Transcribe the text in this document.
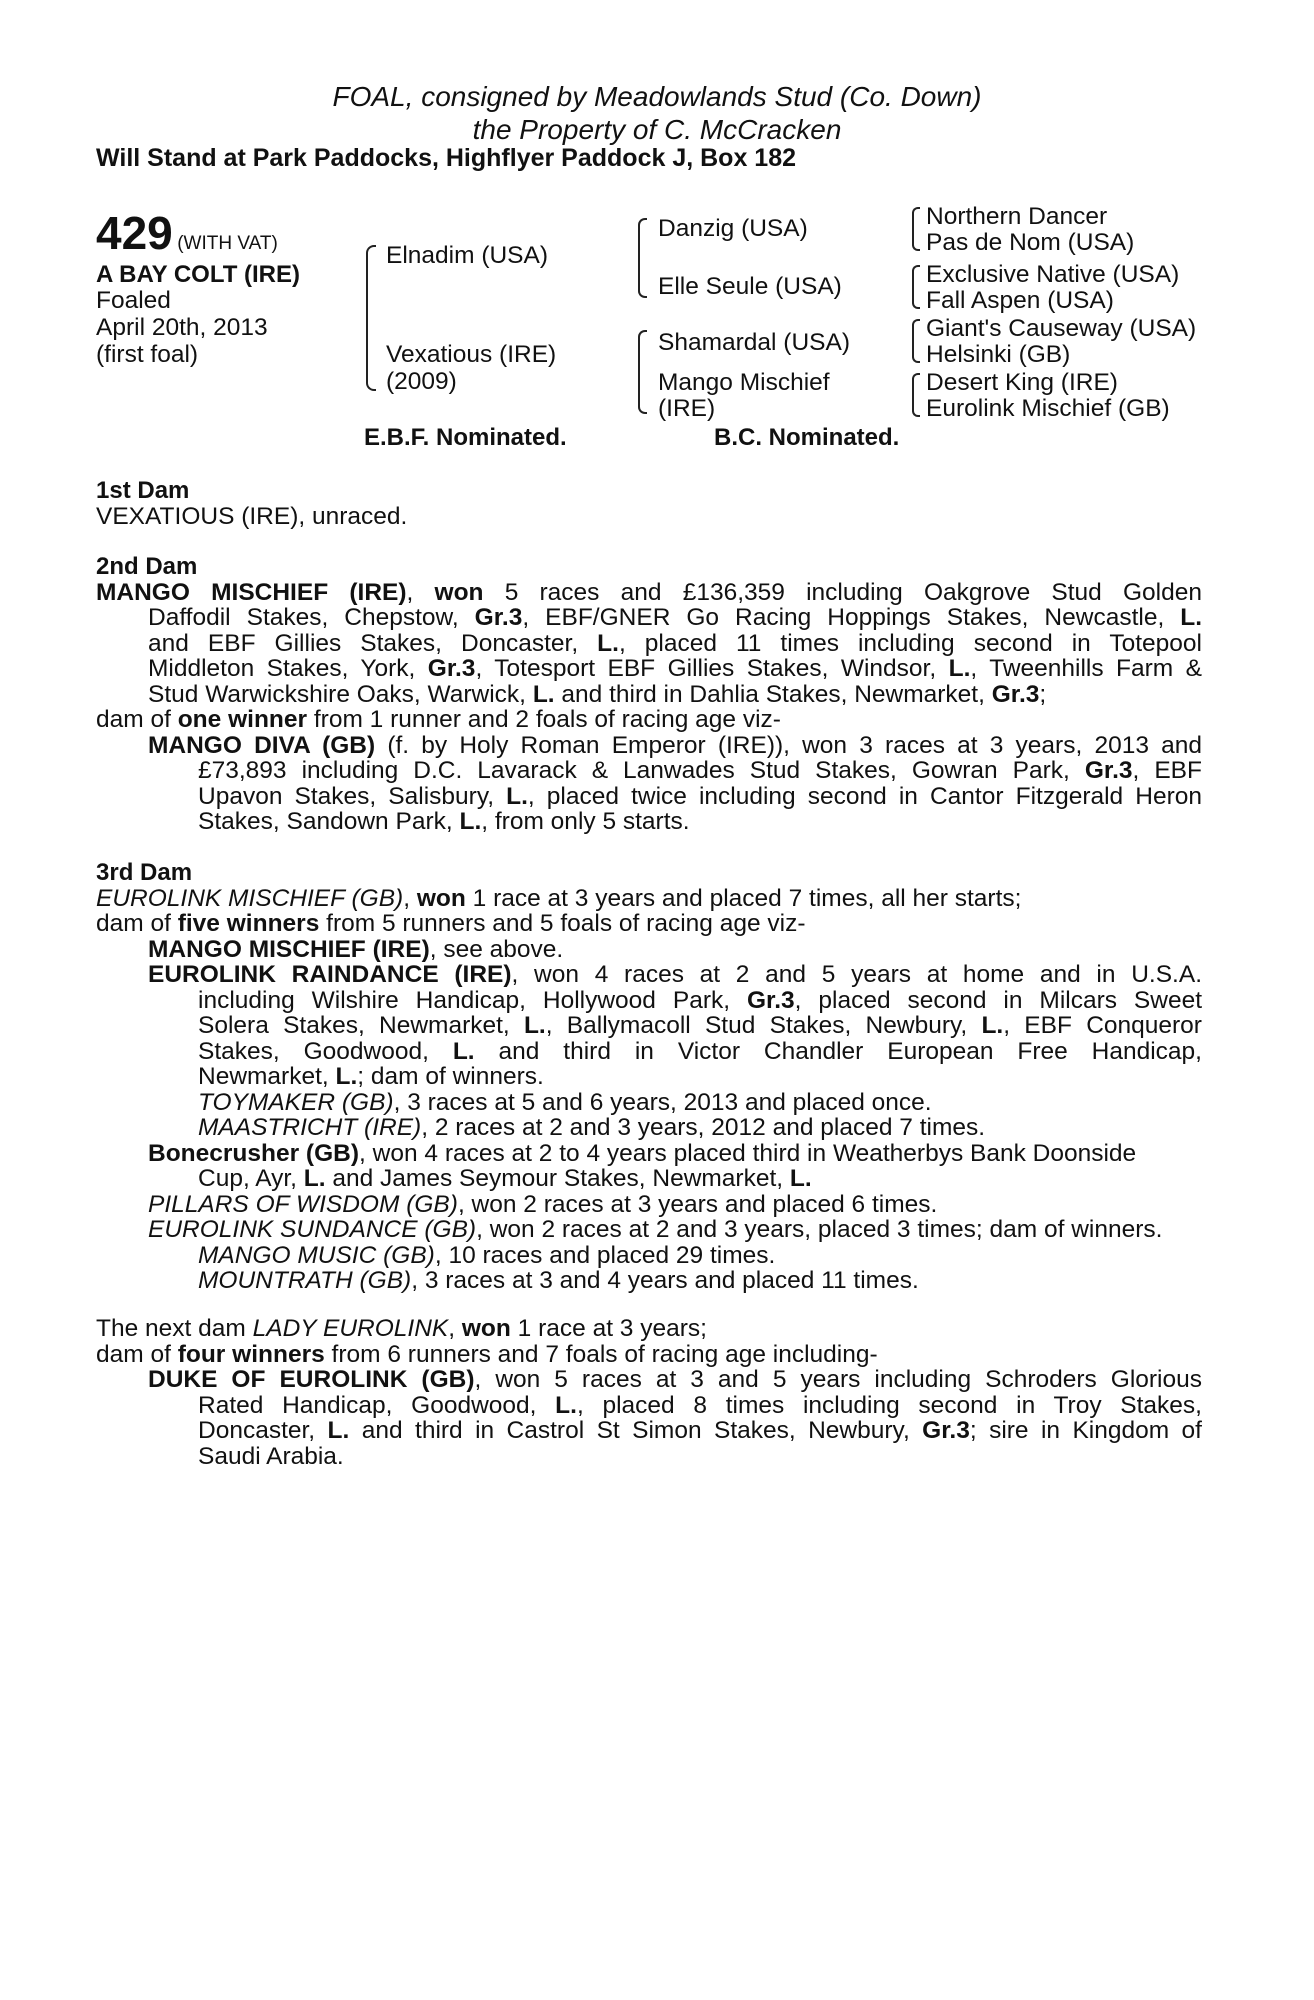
FOAL, consigned by Meadowlands Stud (Co. Down)
the Property of C. McCracken
Will Stand at Park Paddocks, Highflyer Paddock J, Box 182
429 (WITH VAT)
A BAY COLT (IRE)
Foaled
April 20th, 2013
(first foal)
Elnadim (USA)
Vexatious (IRE)
(2009)
Danzig (USA)
Elle Seule (USA)
Shamardal (USA)
Mango Mischief
(IRE)
Northern Dancer
Pas de Nom (USA)
Exclusive Native (USA)
Fall Aspen (USA)
Giant's Causeway (USA)
Helsinki (GB)
Desert King (IRE)
Eurolink Mischief (GB)
E.B.F. Nominated.	B.C. Nominated.

1st Dam

VEXATIOUS (IRE), unraced.

2nd Dam

MANGO MISCHIEF (IRE), won 5 races and £136,359 including Oakgrove Stud Golden

Daffodil Stakes, Chepstow, Gr.3, EBF/GNER Go Racing Hoppings Stakes, Newcastle, L.

and EBF Gillies Stakes, Doncaster, L., placed 11 times including second in Totepool

Middleton Stakes, York, Gr.3, Totesport EBF Gillies Stakes, Windsor, L., Tweenhills Farm &

Stud Warwickshire Oaks, Warwick, L. and third in Dahlia Stakes, Newmarket, Gr.3;

dam of one winner from 1 runner and 2 foals of racing age viz-

MANGO DIVA (GB) (f. by Holy Roman Emperor (IRE)), won 3 races at 3 years, 2013 and

£73,893 including D.C. Lavarack & Lanwades Stud Stakes, Gowran Park, Gr.3, EBF

Upavon Stakes, Salisbury, L., placed twice including second in Cantor Fitzgerald Heron

Stakes, Sandown Park, L., from only 5 starts.

3rd Dam

EUROLINK MISCHIEF (GB), won 1 race at 3 years and placed 7 times, all her starts;

dam of five winners from 5 runners and 5 foals of racing age viz-

MANGO MISCHIEF (IRE), see above.

EUROLINK RAINDANCE (IRE), won 4 races at 2 and 5 years at home and in U.S.A.

including Wilshire Handicap, Hollywood Park, Gr.3, placed second in Milcars Sweet

Solera Stakes, Newmarket, L., Ballymacoll Stud Stakes, Newbury, L., EBF Conqueror

Stakes, Goodwood, L. and third in Victor Chandler European Free Handicap,

Newmarket, L.; dam of winners.

TOYMAKER (GB), 3 races at 5 and 6 years, 2013 and placed once.

MAASTRICHT (IRE), 2 races at 2 and 3 years, 2012 and placed 7 times.

Bonecrusher (GB), won 4 races at 2 to 4 years placed third in Weatherbys Bank Doonside

Cup, Ayr, L. and James Seymour Stakes, Newmarket, L.

PILLARS OF WISDOM (GB), won 2 races at 3 years and placed 6 times.

EUROLINK SUNDANCE (GB), won 2 races at 2 and 3 years, placed 3 times; dam of winners.

MANGO MUSIC (GB), 10 races and placed 29 times.

MOUNTRATH (GB), 3 races at 3 and 4 years and placed 11 times.

The next dam LADY EUROLINK, won 1 race at 3 years;

dam of four winners from 6 runners and 7 foals of racing age including-

DUKE OF EUROLINK (GB), won 5 races at 3 and 5 years including Schroders Glorious

Rated Handicap, Goodwood, L., placed 8 times including second in Troy Stakes,

Doncaster, L. and third in Castrol St Simon Stakes, Newbury, Gr.3; sire in Kingdom of

Saudi Arabia.
